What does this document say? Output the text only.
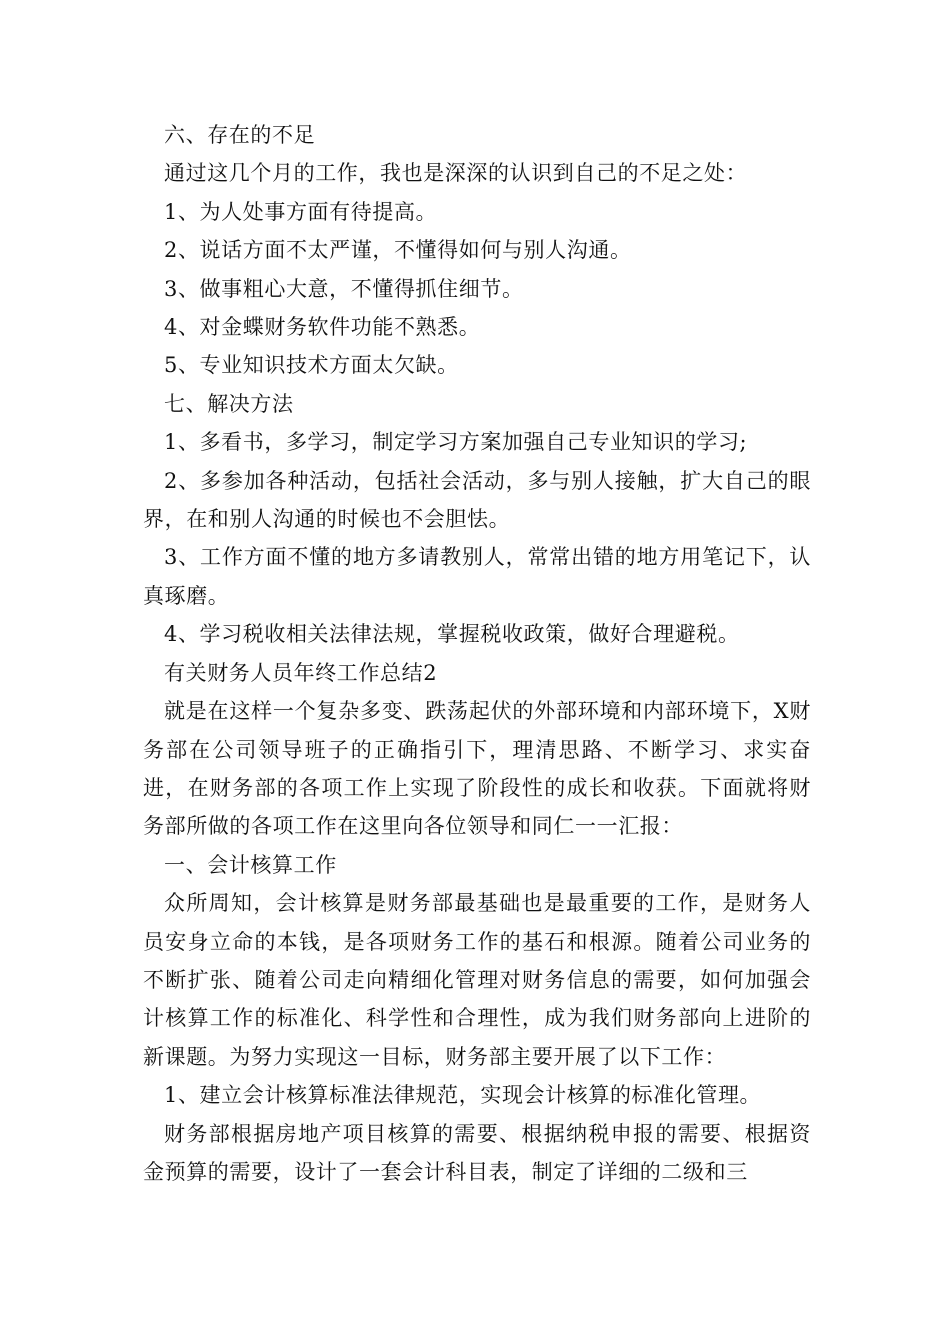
六、存在的不足

通过这几个月的工作，我也是深深的认识到自己的不足之处：

1、为人处事方面有待提高。

2、说话方面不太严谨，不懂得如何与别人沟通。

3、做事粗心大意，不懂得抓住细节。

4、对金蝶财务软件功能不熟悉。

5、专业知识技术方面太欠缺。

七、解决方法

1、多看书，多学习，制定学习方案加强自己专业知识的学习;

2、多参加各种活动，包括社会活动，多与别人接触，扩大自己的眼界，在和别人沟通的时候也不会胆怯。

3、工作方面不懂的地方多请教别人，常常出错的地方用笔记下，认真琢磨。

4、学习税收相关法律法规，掌握税收政策，做好合理避税。

有关财务人员年终工作总结2

就是在这样一个复杂多变、跌荡起伏的外部环境和内部环境下，X财务部在公司领导班子的正确指引下，理清思路、不断学习、求实奋进，在财务部的各项工作上实现了阶段性的成长和收获。下面就将财务部所做的各项工作在这里向各位领导和同仁一一汇报：

一、会计核算工作

众所周知，会计核算是财务部最基础也是最重要的工作，是财务人员安身立命的本钱，是各项财务工作的基石和根源。随着公司业务的不断扩张、随着公司走向精细化管理对财务信息的需要，如何加强会计核算工作的标准化、科学性和合理性，成为我们财务部向上进阶的新课题。为努力实现这一目标，财务部主要开展了以下工作：

1、建立会计核算标准法律规范，实现会计核算的标准化管理。

财务部根据房地产项目核算的需要、根据纳税申报的需要、根据资金预算的需要，设计了一套会计科目表，制定了详细的二级和三
